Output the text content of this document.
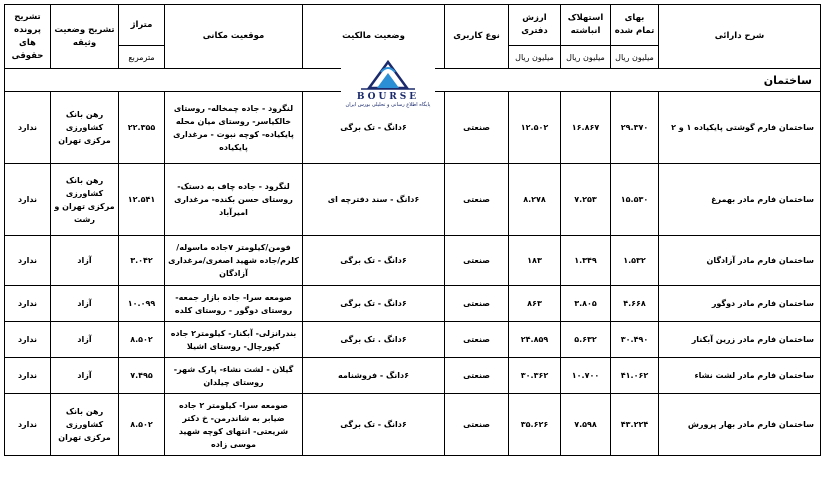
شرح دارائی	بهای تمام شده	استهلاک انباشته	ارزش دفتری	نوع کاربری	وضعیت مالکیت	موقعیت مکانی	متراژ	تشریح وضعیت وثیقه	تشریح پرونده های حقوقی
	میلیون ریال	میلیون ریال	میلیون ریال				مترمربع		
ساختمان									
ساختمان فارم گوشتی پایکیاده ۱ و ۲	۲۹.۳۷۰	۱۶.۸۶۷	۱۲.۵۰۲	صنعتی	۶دانگ - تک برگی	لنگرود - جاده چمخاله- روستای خالکیاسر- روستای میان محله پایکیاده- کوچه نبوت - مرغداری پایکیاده	۲۲.۳۵۵	رهن بانک کشاورزی مرکزی تهران	ندارد
ساختمان فارم مادر بهمرغ	۱۵.۵۳۰	۷.۲۵۳	۸.۲۷۸	صنعتی	۶دانگ - سند دفترچه ای	لنگرود - جاده چاف به دستک- روستای حسن بکنده- مرغداری امیرآباد	۱۲.۵۴۱	رهن بانک کشاورزی مرکزی تهران و رشت	ندارد
ساختمان فارم مادر آزادگان	۱.۵۳۲	۱.۳۴۹	۱۸۳	صنعتی	۶دانگ - تک برگی	فومن/کیلومتر ۷جاده ماسوله/کلرم/جاده شهید اصغری/مرغداری آزادگان	۳.۰۴۲	آزاد	ندارد
ساختمان فارم مادر دوگور	۴.۶۶۸	۳.۸۰۵	۸۶۳	صنعتی	۶دانگ - تک برگی	صومعه سرا- جاده بازار جمعه- روستای دوگور - روستای کلده	۱۰.۰۹۹	آزاد	ندارد
ساختمان فارم مادر زرین آبکنار	۳۰.۴۹۰	۵.۶۳۲	۲۴.۸۵۹	صنعتی	۶دانگ . تک برگی	بندرانزلی- آبکنار- کیلومتر۲ جاده کپورچال- روستای اشیلا	۸.۵۰۲	آزاد	ندارد
ساختمان فارم مادر لشت نشاء	۴۱.۰۶۲	۱۰.۷۰۰	۳۰.۳۶۲	صنعتی	۶دانگ - فروشنامه	گیلان - لشت نشاء- پارک شهر- روستای چیلدان	۷.۴۹۵	آزاد	ندارد
ساختمان فارم مادر بهار پرورش	۴۳.۲۲۴	۷.۵۹۸	۳۵.۶۲۶	صنعتی	۶دانگ - تک برگی	صومعه سرا- کیلومتر ۲ جاده ضیابر به شاندرمن- خ دکتر شریعتی- انتهای کوچه شهید موسی زاده	۸.۵۰۲	رهن بانک کشاورزی مرکزی تهران	ندارد
BOURSE
پایگاه اطلاع رسانی و تحلیلی بورس ایران
